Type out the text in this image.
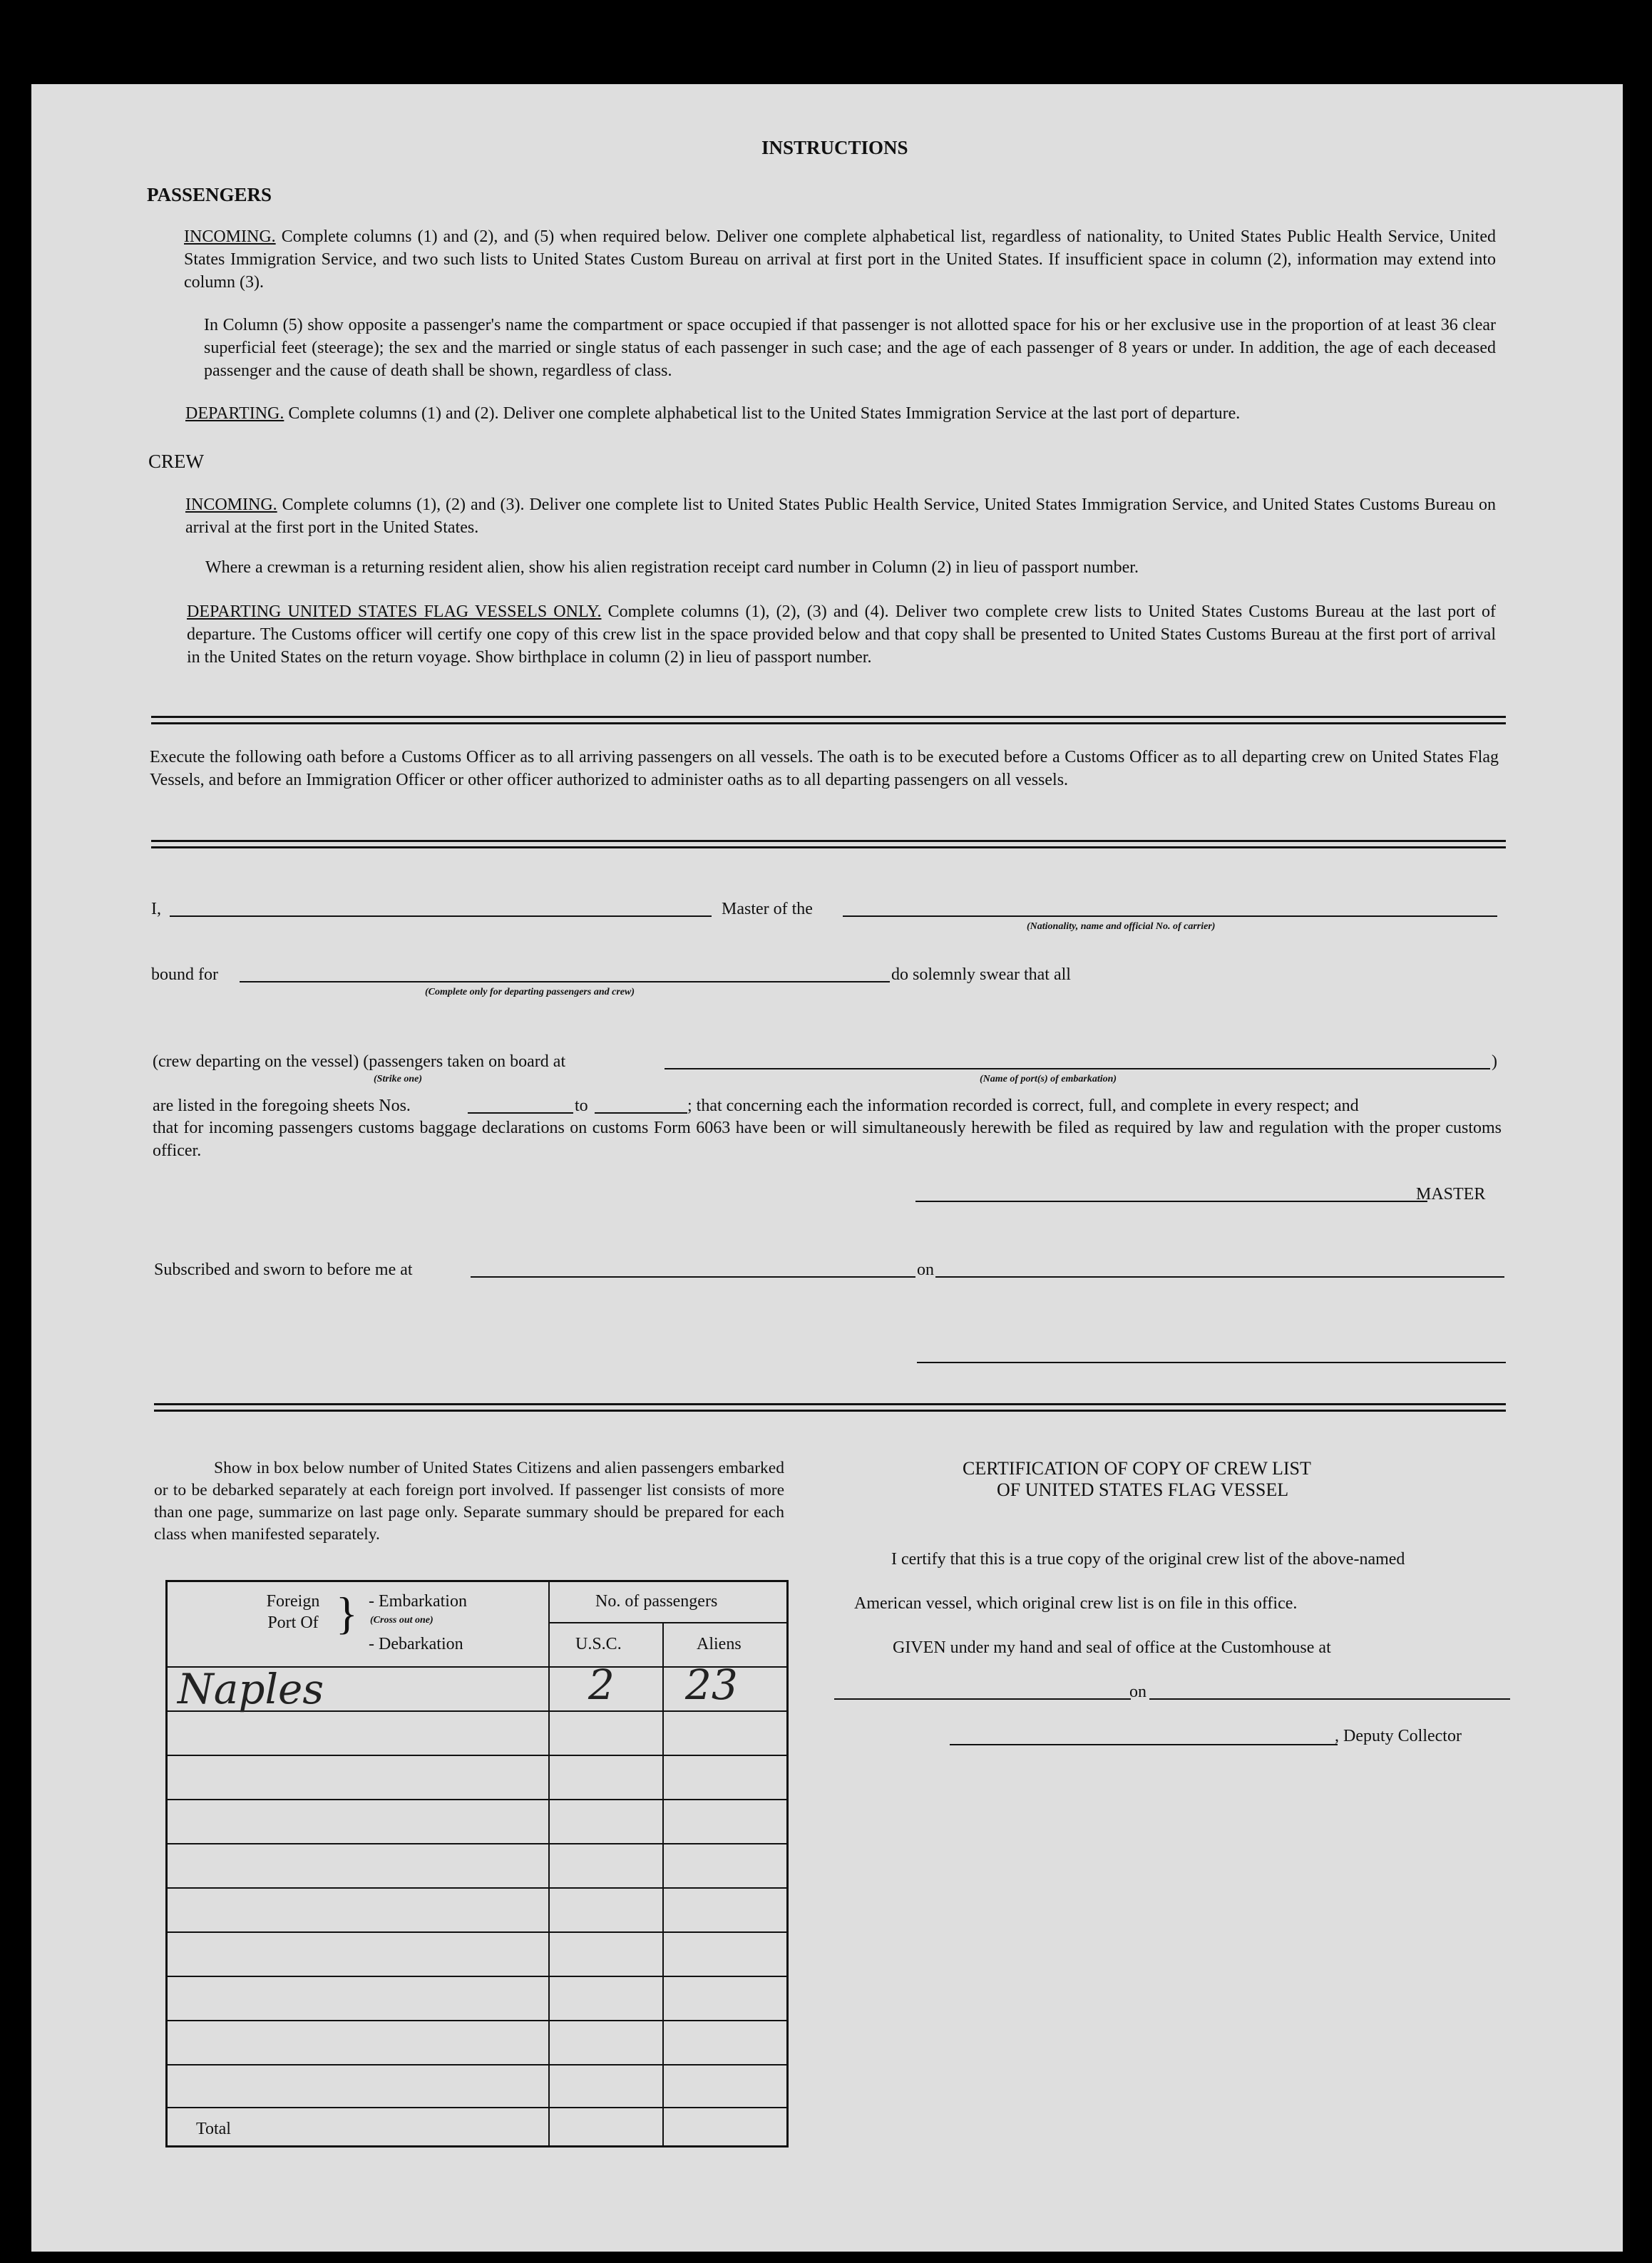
INSTRUCTIONS
PASSENGERS
INCOMING. Complete columns (1) and (2), and (5) when required below. Deliver one complete alphabetical list, regardless of nationality, to United States Public Health Service, United States Immigration Service, and two such lists to United States Custom Bureau on arrival at first port in the United States. If insufficient space in column (2), information may extend into column (3).
In Column (5) show opposite a passenger's name the compartment or space occupied if that passenger is not allotted space for his or her exclusive use in the proportion of at least 36 clear superficial feet (steerage); the sex and the married or single status of each passenger in such case; and the age of each passenger of 8 years or under. In addition, the age of each deceased passenger and the cause of death shall be shown, regardless of class.
DEPARTING. Complete columns (1) and (2). Deliver one complete alphabetical list to the United States Immigration Service at the last port of departure.
CREW
INCOMING. Complete columns (1), (2) and (3). Deliver one complete list to United States Public Health Service, United States Immigration Service, and United States Customs Bureau on arrival at the first port in the United States.
Where a crewman is a returning resident alien, show his alien registration receipt card number in Column (2) in lieu of passport number.
DEPARTING UNITED STATES FLAG VESSELS ONLY. Complete columns (1), (2), (3) and (4). Deliver two complete crew lists to United States Customs Bureau at the last port of departure. The Customs officer will certify one copy of this crew list in the space provided below and that copy shall be presented to United States Customs Bureau at the first port of arrival in the United States on the return voyage. Show birthplace in column (2) in lieu of passport number.
Execute the following oath before a Customs Officer as to all arriving passengers on all vessels. The oath is to be executed before a Customs Officer as to all departing crew on United States Flag Vessels, and before an Immigration Officer or other officer authorized to administer oaths as to all departing passengers on all vessels.
I,	Master of the
(Nationality, name and official No. of carrier)
bound for	do solemnly swear that all
(Complete only for departing passengers and crew)
(crew departing on the vessel) (passengers taken on board at	)
(Strike one)	(Name of port(s) of embarkation)
are listed in the foregoing sheets Nos.	to	; that concerning each the information recorded is correct, full, and complete in every respect; and
that for incoming passengers customs baggage declarations on customs Form 6063 have been or will simultaneously herewith be filed as required by law and regulation with the proper customs officer.
MASTER
Subscribed and sworn to before me at	on
Show in box below number of United States Citizens and alien passengers embarked or to be debarked separately at each foreign port involved. If passenger list consists of more than one page, summarize on last page only. Separate summary should be prepared for each class when manifested separately.
Foreign Port Of } - Embarkation
(Cross out one)
- Debarkation
No. of passengers
U.S.C.	Aliens
Naples	2 23
Total
CERTIFICATION OF COPY OF CREW LIST
OF UNITED STATES FLAG VESSEL
I certify that this is a true copy of the original crew list of the above-named
American vessel, which original crew list is on file in this office.
GIVEN under my hand and seal of office at the Customhouse at
on
, Deputy Collector
